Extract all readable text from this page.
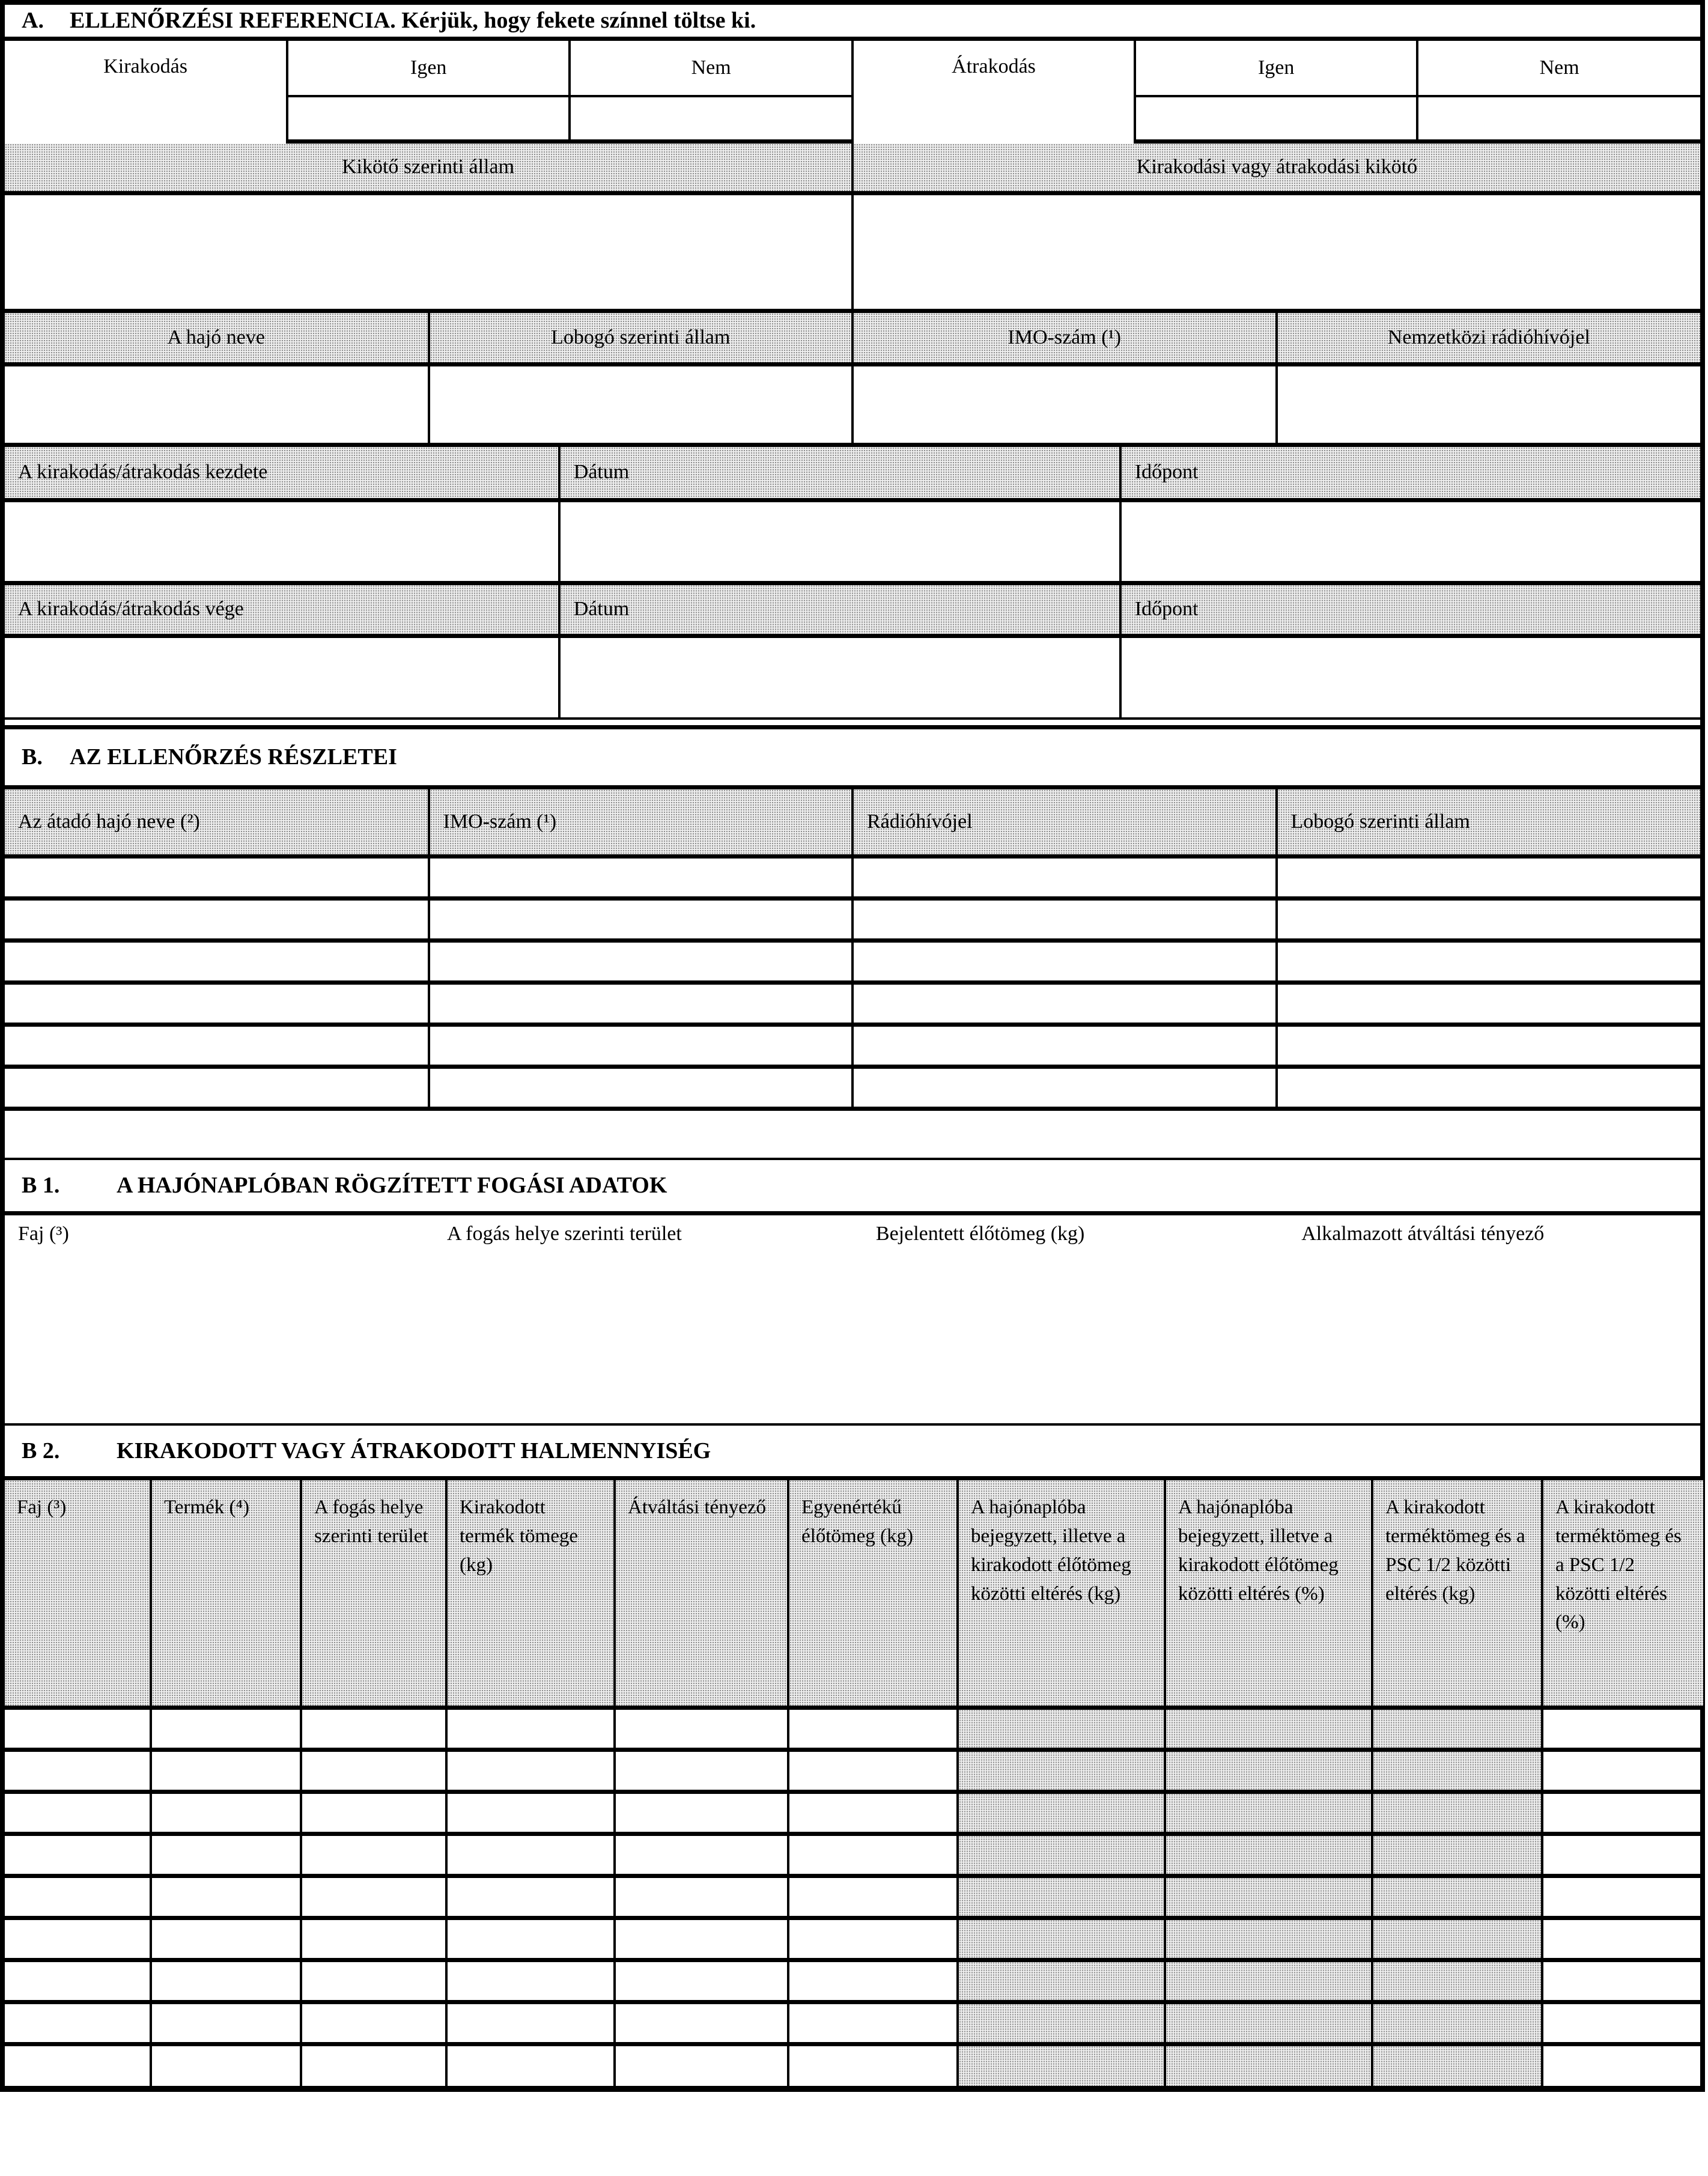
A. ELLENŐRZÉSI REFERENCIA. Kérjük, hogy fekete színnel töltse ki.
Kirakodás	Igen	Nem	Átrakodás	Igen	Nem

Kikötő szerinti állam	Kirakodási vagy átrakodási kikötő

A hajó neve	Lobogó szerinti állam	IMO-szám (¹)	Nemzetközi rádióhívójel

A kirakodás/átrakodás kezdete	Dátum	Időpont

A kirakodás/átrakodás vége	Dátum	Időpont

B. AZ ELLENŐRZÉS RÉSZLETEI
Az átadó hajó neve (²)	IMO-szám (¹)	Rádióhívójel	Lobogó szerinti állam

B 1. A HAJÓNAPLÓBAN RÖGZÍTETT FOGÁSI ADATOK
Faj (³)	A fogás helye szerinti terület	Bejelentett élőtömeg (kg)	Alkalmazott átváltási tényező

B 2. KIRAKODOTT VAGY ÁTRAKODOTT HALMENNYISÉG
Faj (³)	Termék (⁴)	A fogás helye szerinti terület	Kirakodott termék tömege (kg)	Átváltási tényező	Egyenértékű élőtömeg (kg)	A hajónaplóba bejegyzett, illetve a kirakodott élőtömeg közötti eltérés (kg)	A hajónaplóba bejegyzett, illetve a kirakodott élőtömeg közötti eltérés (%)	A kirakodott terméktömeg és a PSC 1/2 közötti eltérés (kg)	A kirakodott terméktömeg és a PSC 1/2 közötti eltérés (%)
